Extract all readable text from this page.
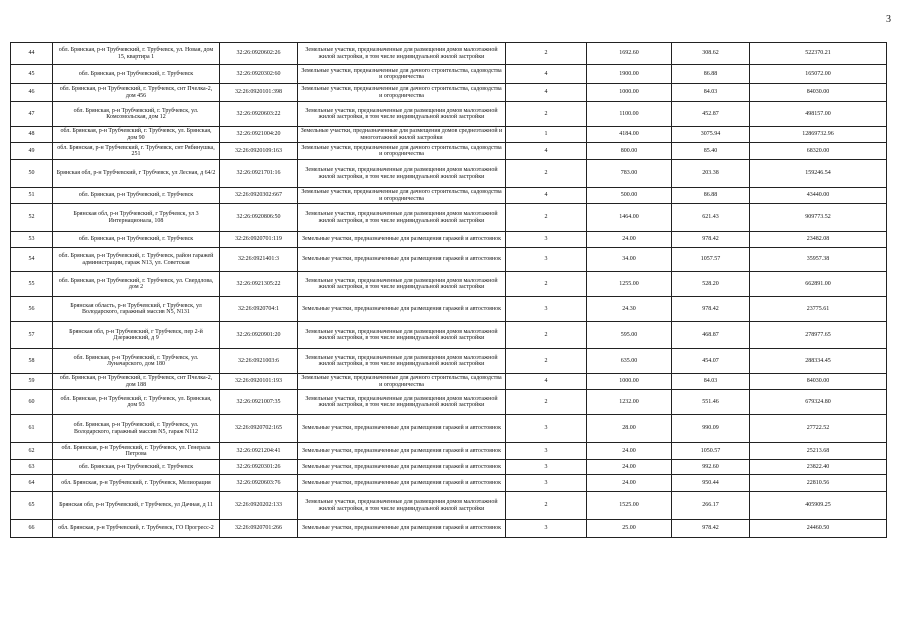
3
44	обл. Брянская, р-н Трубчевский, г. Трубчевск, ул. Новая, дом 15, квартира 1	32:26:0920602:26	Земельные участки, предназначенные для размещения домов малоэтажной жилой застройки, в том числе индивидуальной жилой застройки	2	1692.60	308.62	522370.21
45	обл. Брянская, р-н Трубчевский, г. Трубчевск	32:26:0920302:60	Земельные участки, предназначенные для дачного строительства, садоводства и огородничества	4	1900.00	86.88	165072.00
46	обл. Брянская, р-н Трубчевский, г. Трубчевск, снт Пчелка-2, дом 456	32:26:0920101:398	Земельные участки, предназначенные для дачного строительства, садоводства и огородничества	4	1000.00	84.03	84030.00
47	обл. Брянская, р-н Трубчевский, г. Трубчевск, ул. Комсомольская, дом 12	32:26:0920603:22	Земельные участки, предназначенные для размещения домов малоэтажной жилой застройки, в том числе индивидуальной жилой застройки	2	1100.00	452.87	498157.00
48	обл. Брянская, р-н Трубчевский, г. Трубчевск, ул. Брянская, дом 90	32:26:0921004:20	Земельные участки, предназначенные для размещения домов среднеэтажной и многоэтажной жилой застройки	1	4184.00	3075.94	12869732.96
49	обл. Брянская, р-н Трубчевский, г. Трубчевск, снт Рябинушка, 251	32:26:0920109:163	Земельные участки, предназначенные для дачного строительства, садоводства и огородничества	4	800.00	85.40	68320.00
50	Брянская обл, р-н Трубчевский, г Трубчевск, ул Лесная, д 64/2	32:26:0921701:16	Земельные участки, предназначенные для размещения домов малоэтажной жилой застройки, в том числе индивидуальной жилой застройки	2	783.00	203.38	159246.54
51	обл. Брянская, р-н Трубчевский, г. Трубчевск	32:26:0920302:667	Земельные участки, предназначенные для дачного строительства, садоводства и огородничества	4	500.00	86.88	43440.00
52	Брянская обл, р-н Трубчевский, г Трубчевск, ул 3 Интернационала, 108	32:26:0920806:50	Земельные участки, предназначенные для размещения домов малоэтажной жилой застройки, в том числе индивидуальной жилой застройки	2	1464.00	621.43	909773.52
53	обл. Брянская, р-н Трубчевский, г. Трубчевск	32:26:0920701:119	Земельные участки, предназначенные для размещения гаражей и автостоянок	3	24.00	978.42	23482.08
54	обл. Брянская, р-н Трубчевский, г. Трубчевск, район гаражей администрации, гараж N13, ул. Советская	32:26:0921401:3	Земельные участки, предназначенные для размещения гаражей и автостоянок	3	34.00	1057.57	35957.38
55	обл. Брянская, р-н Трубчевский, г. Трубчевск, ул. Свердлова, дом 2	32:26:0921305:22	Земельные участки, предназначенные для размещения домов малоэтажной жилой застройки, в том числе индивидуальной жилой застройки	2	1255.00	528.20	662891.00
56	Брянская область, р-н Трубчевский, г Трубчевск, ул Володарского, гаражный массив N5, N131	32:26:0920704:1	Земельные участки, предназначенные для размещения гаражей и автостоянок	3	24.30	978.42	23775.61
57	Брянская обл, р-н Трубчевский, г Трубчевск, пер 2-й Дзержинский, д 9	32:26:0920901:20	Земельные участки, предназначенные для размещения домов малоэтажной жилой застройки, в том числе индивидуальной жилой застройки	2	595.00	468.87	278977.65
58	обл. Брянская, р-н Трубчевский, г. Трубчевск, ул. Луначарского, дом 180	32:26:0921003:6	Земельные участки, предназначенные для размещения домов малоэтажной жилой застройки, в том числе индивидуальной жилой застройки	2	635.00	454.07	288334.45
59	обл. Брянская, р-н Трубчевский, г. Трубчевск, снт Пчелка-2, дом 188	32:26:0920101:193	Земельные участки, предназначенные для дачного строительства, садоводства и огородничества	4	1000.00	84.03	84030.00
60	обл. Брянская, р-н Трубчевский, г. Трубчевск, ул. Брянская, дом 93	32:26:0921007:35	Земельные участки, предназначенные для размещения домов малоэтажной жилой застройки, в том числе индивидуальной жилой застройки	2	1232.00	551.46	679324.80
61	обл. Брянская, р-н Трубчевский, г. Трубчевск, ул. Володарского, гаражный массив N5, гараж N112	32:26:0920702:165	Земельные участки, предназначенные для размещения гаражей и автостоянок	3	28.00	990.09	27722.52
62	обл. Брянская, р-н Трубчевский, г. Трубчевск, ул. Генерала Петрова	32:26:0921204:41	Земельные участки, предназначенные для размещения гаражей и автостоянок	3	24.00	1050.57	25213.68
63	обл. Брянская, р-н Трубчевский, г. Трубчевск	32:26:0920301:26	Земельные участки, предназначенные для размещения гаражей и автостоянок	3	24.00	992.60	23822.40
64	обл. Брянская, р-н Трубчевский, г. Трубчевск, Мелиорация	32:26:0920603:76	Земельные участки, предназначенные для размещения гаражей и автостоянок	3	24.00	950.44	22810.56
65	Брянская обл, р-н Трубчевский, г Трубчевск, ул Дачная, д 11	32:26:0920202:133	Земельные участки, предназначенные для размещения домов малоэтажной жилой застройки, в том числе индивидуальной жилой застройки	2	1525.00	266.17	405909.25
66	обл. Брянская, р-н Трубчевский, г. Трубчевск, ГО Прогресс-2	32:26:0920701:266	Земельные участки, предназначенные для размещения гаражей и автостоянок	3	25.00	978.42	24460.50
